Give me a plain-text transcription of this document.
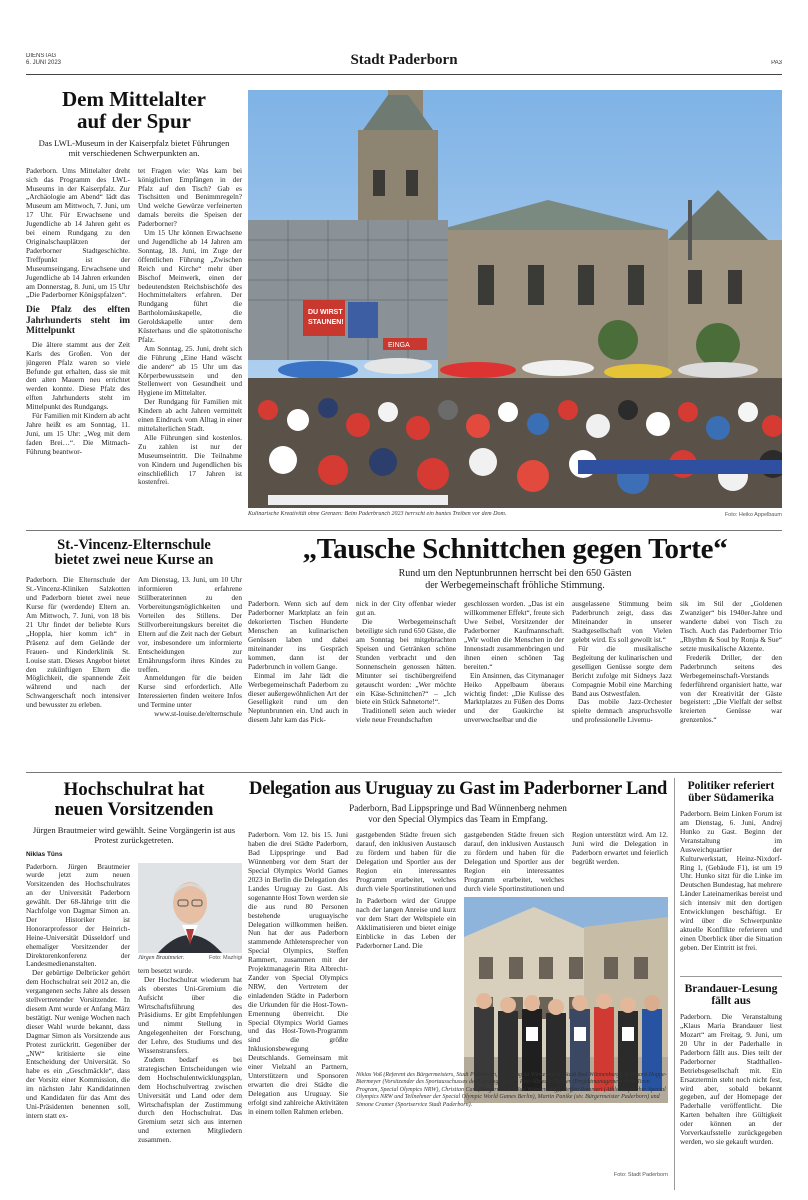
DIENSTAG
6. JUNI 2023	Stadt Paderborn	PA3
Dem Mittelalter
auf der Spur
Das LWL-Museum in der Kaiserpfalz bietet Führungen mit verschiedenen Schwerpunkten an.

Paderborn. Ums Mittelalter dreht sich das Programm des LWL-Museums in der Kaiserpfalz. Zur „Archäologie am Abend“ lädt das Museum am Mittwoch, 7. Juni, um 17 Uhr. Für Erwachsene und Jugendliche ab 14 Jahren geht es bei einem Rundgang zu den Originalschauplätzen der Paderborner Stadtgeschichte. Treffpunkt ist der Museumseingang. Erwachsene und Jugendliche ab 14 Jahren erkunden am Donnerstag, 8. Juni, um 15 Uhr „Die Paderborner Königspfalzen“.

Die Pfalz des elften Jahrhunderts steht im Mittelpunkt

Die ältere stammt aus der Zeit Karls des Großen. Von der jüngeren Pfalz waren so viele Befunde gut erhalten, dass sie mit den alten Mauern neu errichtet werden konnte. Diese Pfalz des elften Jahrhunderts steht im Mittelpunkt des Rundgangs.

Für Familien mit Kindern ab acht Jahre heißt es am Sonntag, 11. Juni, um 15 Uhr: „Weg mit dem faden Brei…“. Die Mitmach-Führung beantwor-

tet Fragen wie: Was kam bei königlichen Empfängen in der Pfalz auf den Tisch? Gab es Tischsitten und Benimmregeln? Und welche Gewürze verfeinerten damals bereits die Speisen der Paderborner?

Um 15 Uhr können Erwachsene und Jugendliche ab 14 Jahren am Sonntag, 18. Juni, im Zuge der öffentlichen Führung „Zwischen Reich und Kirche“ mehr über Bischof Meinwerk, einen der bedeutendsten Reichsbischöfe des Hochmittelalters erfahren. Der Rundgang führt die Bartholomäuskapelle, die Geroldskapelle unter dem Küsterhaus und die spätottonische Pfalz.

Am Sonntag, 25. Juni, dreht sich die Führung „Eine Hand wäscht die andere“ ab 15 Uhr um das Körperbewusstsein und den Stellenwert von Gesundheit und Hygiene im Mittelalter.

Der Rundgang für Familien mit Kindern ab acht Jahren vermittelt einen Eindruck vom Alltag in einer mittelalterlichen Stadt.

Alle Führungen sind kostenlos. Zu zahlen ist nur der Museumseintritt. Die Teilnahme von Kindern und Jugendlichen bis einschließlich 17 Jahren ist kostenfrei.

DU WIRST
STAUNEN!
EINGA
Kulinarische Kreativität ohne Grenzen: Beim Paderbrunch 2023 herrscht ein buntes Treiben vor dem Dom.	Foto: Heiko Appelbaum
St.-Vincenz-Elternschule
bietet zwei neue Kurse an
Paderborn. Die Elternschule der St.-Vincenz-Kliniken Salzkotten und Paderborn bietet zwei neue Kurse für (werdende) Eltern an. Am Mittwoch, 7. Juni, von 18 bis 21 Uhr findet der beliebte Kurs „Hoppla, hier komm ich“ in Präsenz auf dem Gelände der Frauen- und Kinderklinik St. Louise statt. Dieses Angebot bietet den zukünftigen Eltern die Möglichkeit, die spannende Zeit während und nach der Schwangerschaft noch intensiver und bewusster zu erleben.

Am Dienstag, 13. Juni, um 10 Uhr informieren erfahrene Stillberaterinnen zu den Vorbereitungsmöglichkeiten und Vorteilen des Stillens. Der Stillvorbereitungskurs bereitet die Eltern auf die Zeit nach der Geburt vor, insbesondere um informierte Entscheidungen zur Ernährungsform ihres Kindes zu treffen.

Anmeldungen für die beiden Kurse sind erforderlich. Alle Interessierten finden weitere Infos und Termine unter

www.st-louise.de/elternschule

„Tausche Schnittchen gegen Torte“
Rund um den Neptunbrunnen herrscht bei den 650 Gästen
der Werbegemeinschaft fröhliche Stimmung.

Paderborn. Wenn sich auf dem Paderborner Marktplatz an fein dekorierten Tischen Hunderte Menschen an kulinarischen Genüssen laben und dabei miteinander ins Gespräch kommen, dann ist der Paderbrunch in vollem Gange.

Einmal im Jahr lädt die Werbegemeinschaft Paderborn zu dieser außergewöhnlichen Art der Geselligkeit rund um den Neptunbrunnen ein. Und auch in diesem Jahr kam das Pick-

nick in der City offenbar wieder gut an.

Die Werbegemeinschaft beteiligte sich rund 650 Gäste, die am Sonntag bei mitgebrachten Speisen und Getränken schöne Stunden verbracht und den Sonnenschein genossen hätten. Mitunter sei tischübergreifend getauscht worden: „Wer möchte ein Käse-Schnittchen?“ – „Ich biete ein Stück Sahnetorte!“.

Traditionell seien auch wieder viele neue Freundschaften

geschlossen worden. „Das ist ein willkommener Effekt“, freute sich Uwe Seibel, Vorsitzender der Paderborner Kaufmannschaft. „Wir wollen die Menschen in der Innenstadt zusammenbringen und ihnen einen schönen Tag bereiten.“

Ein Ansinnen, das Citymanager Heiko Appelbaum überaus wichtig findet: „Die Kulisse des Marktplatzes zu Füßen des Doms und der Gaukirche ist unverwechselbar und die

ausgelassene Stimmung beim Paderbrunch zeigt, dass das Miteinander in unserer Stadtgesellschaft von Vielen gelebt wird. Es soll gewollt ist.“

Für die musikalische Begleitung der kulinarischen und geselligen Genüsse sorgte dem Bericht zufolge mit Sidneys Jazz Compagnie Mobil eine Marching Band aus Ostwestfalen.

Das mobile Jazz-Orchester spielte demnach anspruchsvolle und professionelle Livemu-

sik im Stil der „Goldenen Zwanziger“ bis 1940er-Jahre und wanderte dabei von Tisch zu Tisch. Auch das Paderborner Trio „Rhythm & Soul by Ronja & Sue“ setzte musikalische Akzente.

Frederik Driller, der den Paderbrunch seitens des Werbegemeinschaft-Vorstands federführend organisiert hatte, war von der Kreativität der Gäste begeistert: „Die Vielfalt der selbst kreierten Genüsse war grenzenlos.“

Hochschulrat hat
neuen Vorsitzenden
Jürgen Brautmeier wird gewählt. Seine Vorgängerin ist aus Protest zurückgetreten.
Niklas Tüns

Paderborn. Jürgen Brautmeier wurde jetzt zum neuen Vorsitzenden des Hochschulrates an der Universität Paderborn gewählt. Der 68-Jährige tritt die Nachfolge von Dagmar Simon an. Der Historiker ist Honorarprofessor der Heinrich-Heine-Universität Düsseldorf und ehemaliger Vorsitzender der Direktorenkonferenz der Landesmedienanstalten.

Der gebürtige Delbrücker gehört dem Hochschulrat seit 2012 an, die vergangenen sechs Jahre als dessen stellvertretender Vorsitzender. In diesem Amt wurde er Anfang März bestätigt. Nur wenige Wochen nach dieser Wahl wurde bekannt, dass Dagmar Simon als Vorsitzende aus Protest zurückritt. Gegenüber der „NW“ kritisierte sie eine Entscheidung der Universität. So habe es ein „Geschmäckle“, dass der Vorsitz einer Kommission, die im nächsten Jahr Kandidatinnen und Kandidaten für das Amt des Uni-Präsidenten benennen soll, intern statt ex-

Jürgen Brautmeier.	Foto: Mazhigi

tern besetzt wurde.

Der Hochschulrat wiederum hat als oberstes Uni-Gremium die Aufsicht über die Wirtschaftsführung des Präsidiums. Er gibt Empfehlungen und nimmt Stellung in Angelegenheiten der Forschung, der Lehre, des Studiums und des Wissenstransfers.

Zudem bedarf es bei strategischen Entscheidungen wie dem Hochschulentwicklungsplan, dem Hochschulvertrag zwischen Universität und Land oder dem Wirtschaftsplan der Zustimmung durch den Hochschulrat. Das Gremium setzt sich aus internen und externen Mitgliedern zusammen.

Delegation aus Uruguay zu Gast im Paderborner Land
Paderborn, Bad Lippspringe und Bad Wünnenberg nehmen
vor den Special Olympics das Team in Empfang.
Paderborn. Vom 12. bis 15. Juni haben die drei Städte Paderborn, Bad Lippspringe und Bad Wünnenberg vor dem Start der Special Olympics World Games 2023 in Berlin die Delegation des Landes Uruguay zu Gast. Als sogenannte Host Town werden sie die aus rund 80 Personen bestehende uruguayische Delegation willkommen heißen. Nun hat der aus Paderborn stammende Athletensprecher von Special Olympics, Steffen Rammert, zusammen mit der Projektmanagerin Rita Albrecht-Zander von Special Olympics NRW, den Vertretern der einladenden Städte in Paderborn die Urkunden für die Host-Town-Ernennung überreicht. Die Special Olympics World Games und das Host-Town-Programm sind die größte Inklusionsbewegung Deutschlands. Gemeinsam mit einer Vielzahl an Partnern, Unterstützern und Sponsoren erwarten die drei Städte die Delegation aus Uruguay. Sie erfolgt sind zahlreiche Aktivitäten in einem tollen Rahmen erleben.
gastgebenden Städte freuen sich darauf, den inklusiven Austausch zu fördern und haben für die Delegation und Sportler aus der Region ein interessantes Programm erarbeitet, welches durch viele Sportinstitutionen und
gastgebenden Städte freuen sich darauf, den inklusiven Austausch zu fördern und haben für die Delegation und Sportler aus der Region ein interessantes Programm erarbeitet, welches durch viele Sportinstitutionen und
Region unterstützt wird. Am 12. Juni wird die Delegation in Paderborn erwartet und feierlich begrüßt werden.
In Paderborn wird der Gruppe nach der langen Anreise und kurz vor dem Start der Weltspiele ein Akklimatisieren und bietet einige Einblicke in das Leben der Paderborner Land. Die
Niklas Voß (Referent des Bürgermeisters, Stadt Paderborn, v. l.), Angela Winkelmann (Stadt Bad Wünnenberg), Bernhard Hoppe-Biermeyer (Vorsitzender des Sportausschusses des Landtags NRW), Rita Albrecht-Zander (Projektmanagement Host Town Program, Special Olympics NRW), Christian Carl (Bürgermeister Bad Wünnenberg), Steffen Rammert (Athletensprecher Special Olympics NRW und Teilnehmer der Special Olympic World Games Berlin), Martin Panike (stv. Bürgermeister Paderborn) und Simone Cramer (Sportservice Stadt Paderborn).
Foto: Stadt Paderborn
Politiker referiert
über Südamerika
Paderborn. Beim Linken Forum ist am Dienstag, 6. Juni, Andrej Hunko zu Gast. Beginn der Veranstaltung im Ausweichquartier der Kulturwerkstatt, Heinz-Nixdorf-Ring 1, (Gebäude F1), ist um 19 Uhr. Hunko sitzt für die Linke im Deutschen Bundestag, hat mehrere Länder Lateinamerikas bereist und sich intensiv mit den dortigen Entwicklungen beschäftigt. Er wird über die Schwerpunkte aktuelle Konflikte referieren und einen Überblick über die Situation geben. Der Eintritt ist frei.
Brandauer-Lesung
fällt aus
Paderborn. Die Veranstaltung „Klaus Maria Brandauer liest Mozart“ am Freitag, 9. Juni, um 20 Uhr in der Paderhalle in Paderborn fällt aus. Dies teilt der Paderborner Stadthallen-Betriebsgesellschaft mit. Ein Ersatztermin steht noch nicht fest, wird aber, sobald bekannt gegeben, auf der Homepage der Paderhalle veröffentlicht. Die Karten behalten ihre Gültigkeit oder können an der Vorverkaufsstelle zurückgegeben werden, wo sie gekauft wurden.
